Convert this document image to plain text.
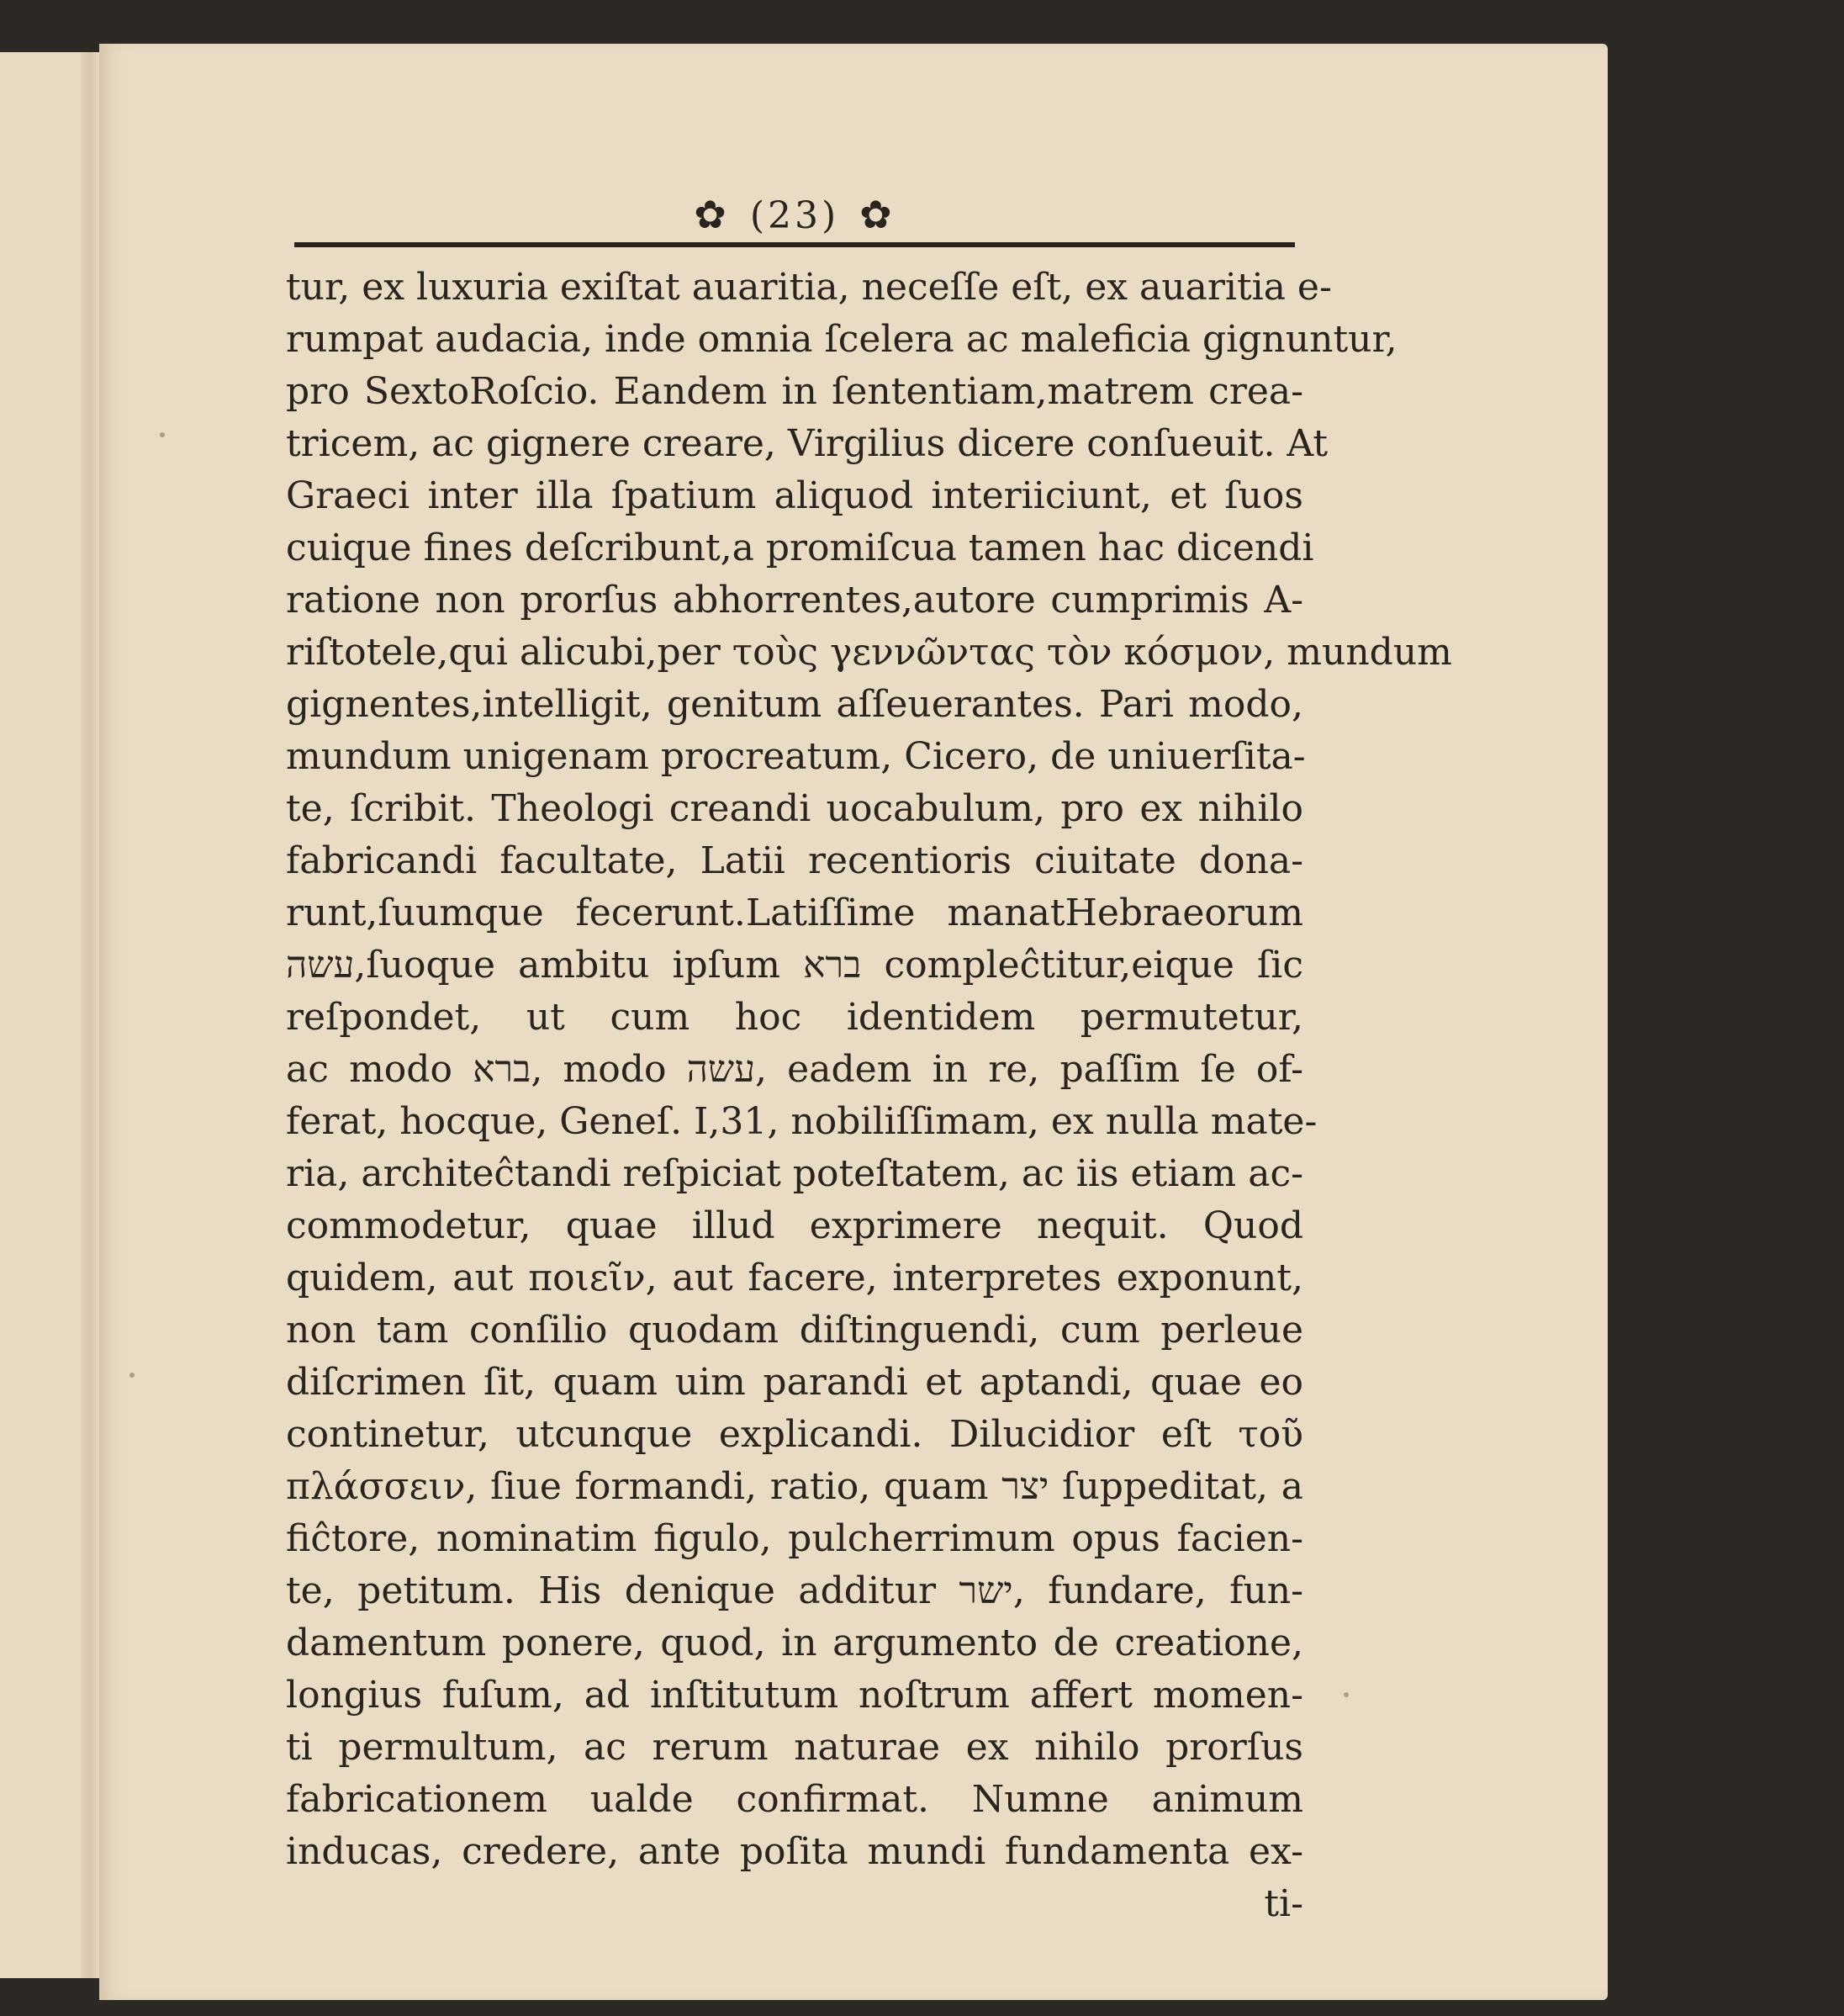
✿ (23) ✿
tur, ex luxuria exiſtat auaritia, neceſſe eſt, ex auaritia e-
rumpat audacia, inde omnia ſcelera ac maleficia gignuntur,
pro SextoRoſcio. Eandem in ſententiam,matrem crea-
tricem, ac gignere creare, Virgilius dicere conſueuit. At
Graeci inter illa ſpatium aliquod interiiciunt, et ſuos
cuique fines deſcribunt,a promiſcua tamen hac dicendi
ratione non prorſus abhorrentes,autore cumprimis A-
riſtotele,qui alicubi,per τοὺς γεννῶντας τὸν κόσμον, mundum
gignentes,intelligit, genitum aſſeuerantes. Pari modo,
mundum unigenam procreatum, Cicero, de uniuerſita-
te, ſcribit. Theologi creandi uocabulum, pro ex nihilo
fabricandi facultate, Latii recentioris ciuitate dona-
runt,ſuumque fecerunt.Latiſſime manatHebraeorum
עשה,ſuoque ambitu ipſum ברא compleĉtitur,eique ſic
reſpondet, ut cum hoc identidem permutetur,
ac modo ברא, modo עשה, eadem in re, paſſim ſe of-
ferat, hocque, Geneſ. I,31, nobiliſſimam, ex nulla mate-
ria, architeĉtandi reſpiciat poteſtatem, ac iis etiam ac-
commodetur, quae illud exprimere nequit. Quod
quidem, aut ποιεῖν, aut facere, interpretes exponunt,
non tam conſilio quodam diſtinguendi, cum perleue
diſcrimen ſit, quam uim parandi et aptandi, quae eo
continetur, utcunque explicandi. Dilucidior eſt τοῦ
πλάσσειν, ſiue formandi, ratio, quam יצר ſuppeditat, a
fiĉtore, nominatim figulo, pulcherrimum opus facien-
te, petitum. His denique additur ישר, fundare, fun-
damentum ponere, quod, in argumento de creatione,
longius fuſum, ad inſtitutum noſtrum affert momen-
ti permultum, ac rerum naturae ex nihilo prorſus
fabricationem ualde confirmat. Numne animum
inducas, credere, ante poſita mundi fundamenta ex-
ti-
